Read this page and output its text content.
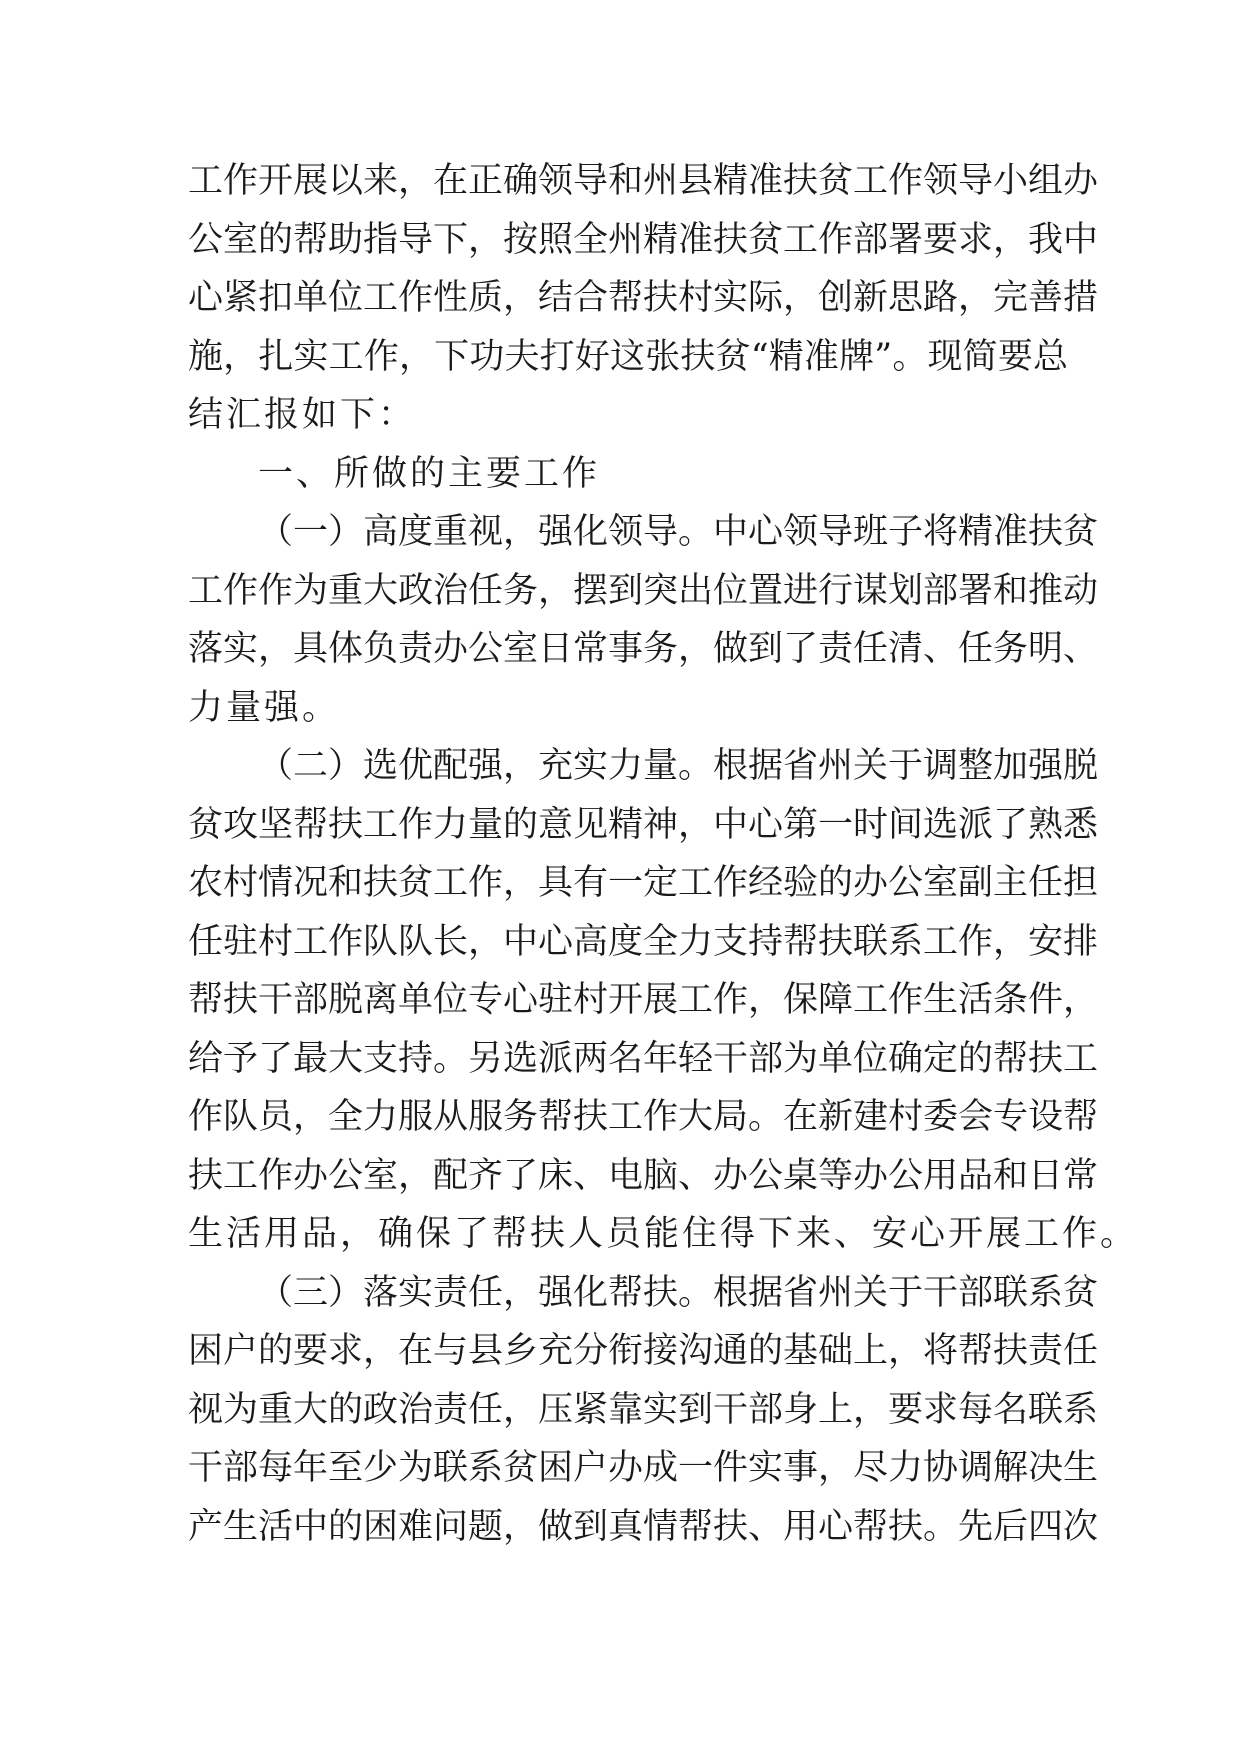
工作开展以来，在正确领导和州县精准扶贫工作领导小组办
公室的帮助指导下，按照全州精准扶贫工作部署要求，我中
心紧扣单位工作性质，结合帮扶村实际，创新思路，完善措
施，扎实工作，下功夫打好这张扶贫“精准牌”。现简要总
结汇报如下：
一、所做的主要工作
（一）高度重视，强化领导。中心领导班子将精准扶贫
工作作为重大政治任务，摆到突出位置进行谋划部署和推动
落实，具体负责办公室日常事务，做到了责任清、任务明、
力量强。
（二）选优配强，充实力量。根据省州关于调整加强脱
贫攻坚帮扶工作力量的意见精神，中心第一时间选派了熟悉
农村情况和扶贫工作，具有一定工作经验的办公室副主任担
任驻村工作队队长，中心高度全力支持帮扶联系工作，安排
帮扶干部脱离单位专心驻村开展工作，保障工作生活条件，
给予了最大支持。另选派两名年轻干部为单位确定的帮扶工
作队员，全力服从服务帮扶工作大局。在新建村委会专设帮
扶工作办公室，配齐了床、电脑、办公桌等办公用品和日常
生活用品，确保了帮扶人员能住得下来、安心开展工作。
（三）落实责任，强化帮扶。根据省州关于干部联系贫
困户的要求，在与县乡充分衔接沟通的基础上，将帮扶责任
视为重大的政治责任，压紧靠实到干部身上，要求每名联系
干部每年至少为联系贫困户办成一件实事，尽力协调解决生
产生活中的困难问题，做到真情帮扶、用心帮扶。先后四次
